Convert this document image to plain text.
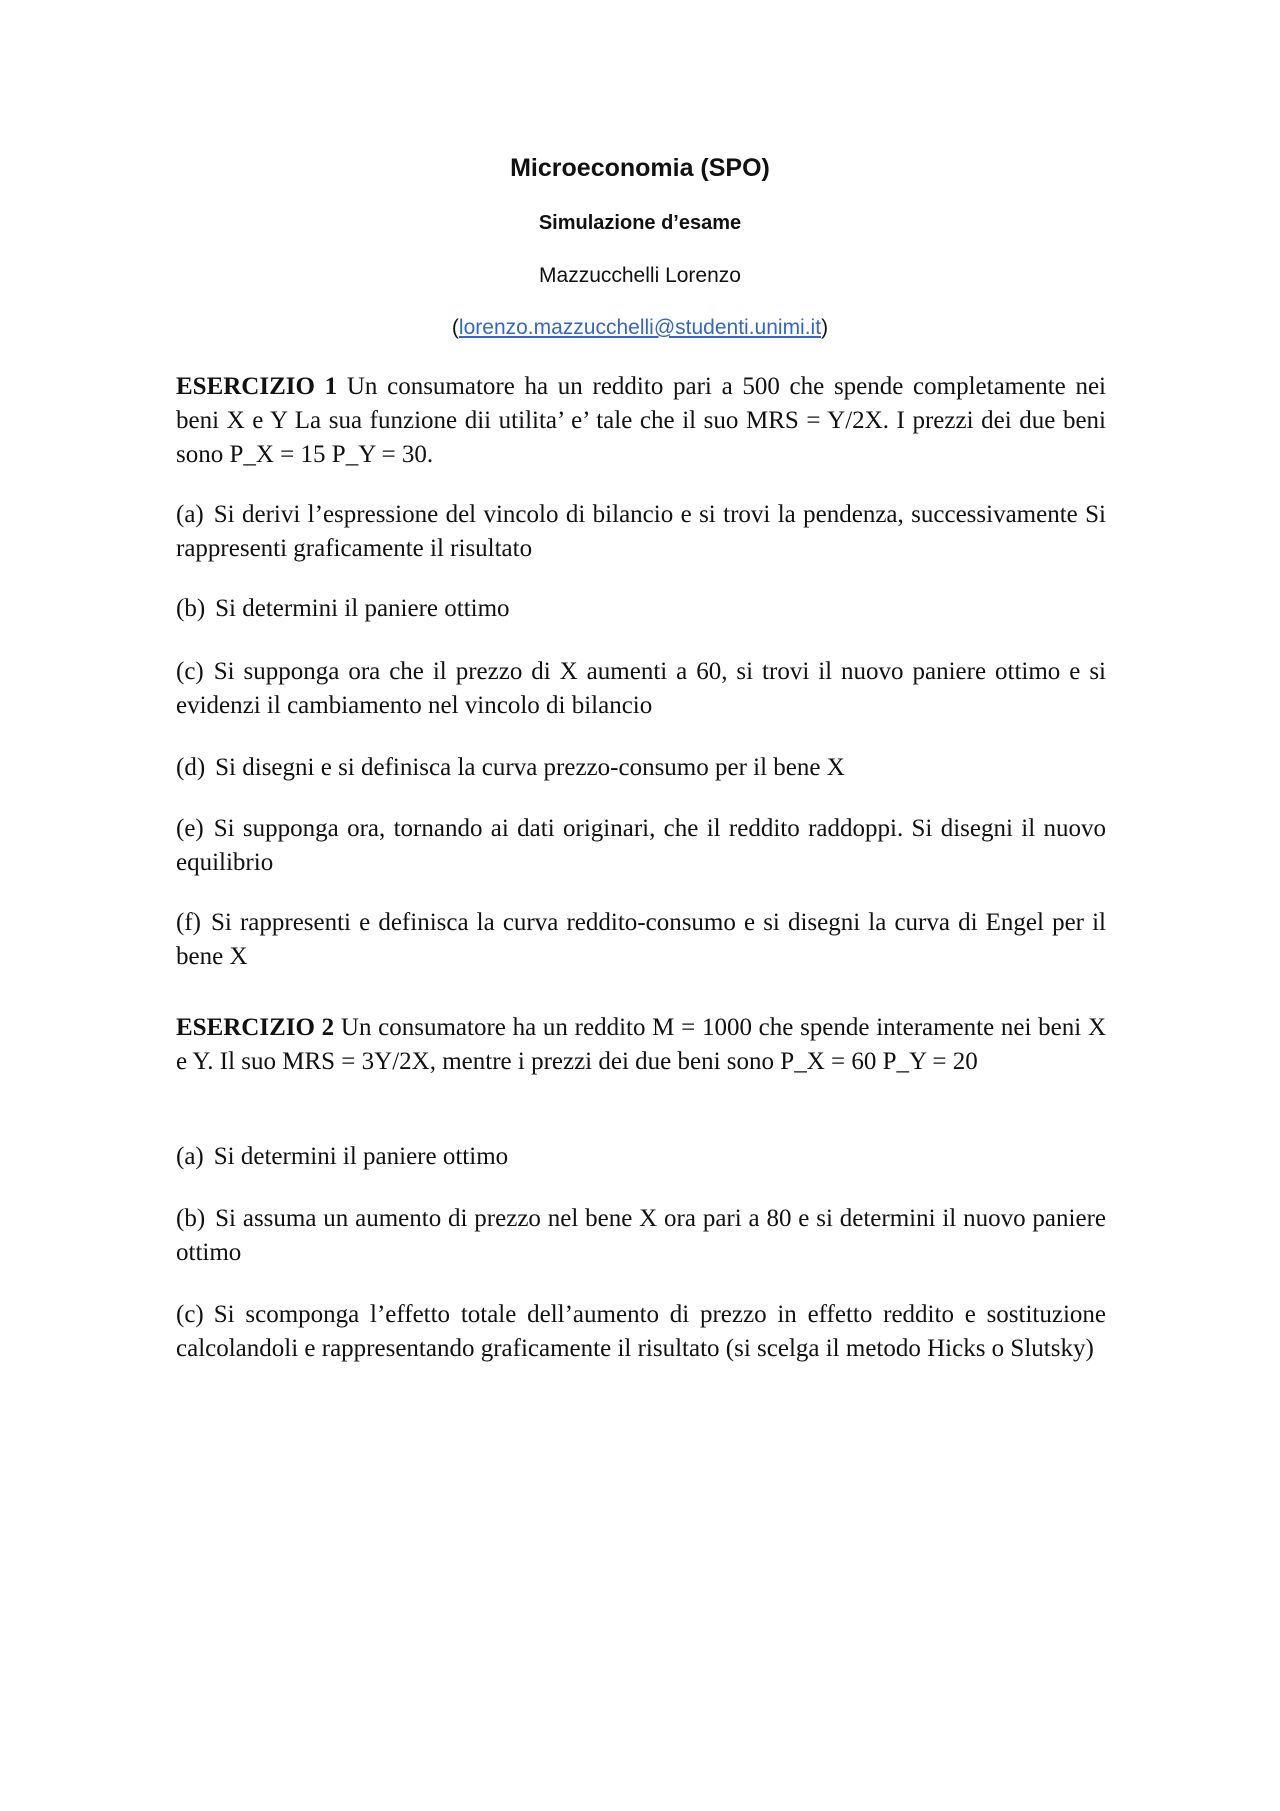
Microeconomia (SPO)
Simulazione d’esame
Mazzucchelli Lorenzo
(lorenzo.mazzucchelli@studenti.unimi.it)
ESERCIZIO 1 Un consumatore ha un reddito pari a 500 che spende completamente nei beni X e Y La sua funzione dii utilita’ e’ tale che il suo MRS = Y/2X. I prezzi dei due beni sono P_X = 15 P_Y = 30.
(a) Si derivi l’espressione del vincolo di bilancio e si trovi la pendenza, successivamente Si rappresenti graficamente il risultato
(b) Si determini il paniere ottimo
(c) Si supponga ora che il prezzo di X aumenti a 60, si trovi il nuovo paniere ottimo e si evidenzi il cambiamento nel vincolo di bilancio
(d) Si disegni e si definisca la curva prezzo-consumo per il bene X
(e) Si supponga ora, tornando ai dati originari, che il reddito raddoppi. Si disegni il nuovo equilibrio
(f) Si rappresenti e definisca la curva reddito-consumo e si disegni la curva di Engel per il bene X
ESERCIZIO 2 Un consumatore ha un reddito M = 1000 che spende interamente nei beni X e Y. Il suo MRS = 3Y/2X, mentre i prezzi dei due beni sono P_X = 60 P_Y = 20
(a) Si determini il paniere ottimo
(b) Si assuma un aumento di prezzo nel bene X ora pari a 80 e si determini il nuovo paniere ottimo
(c) Si scomponga l’effetto totale dell’aumento di prezzo in effetto reddito e sostituzione calcolandoli e rappresentando graficamente il risultato (si scelga il metodo Hicks o Slutsky)
